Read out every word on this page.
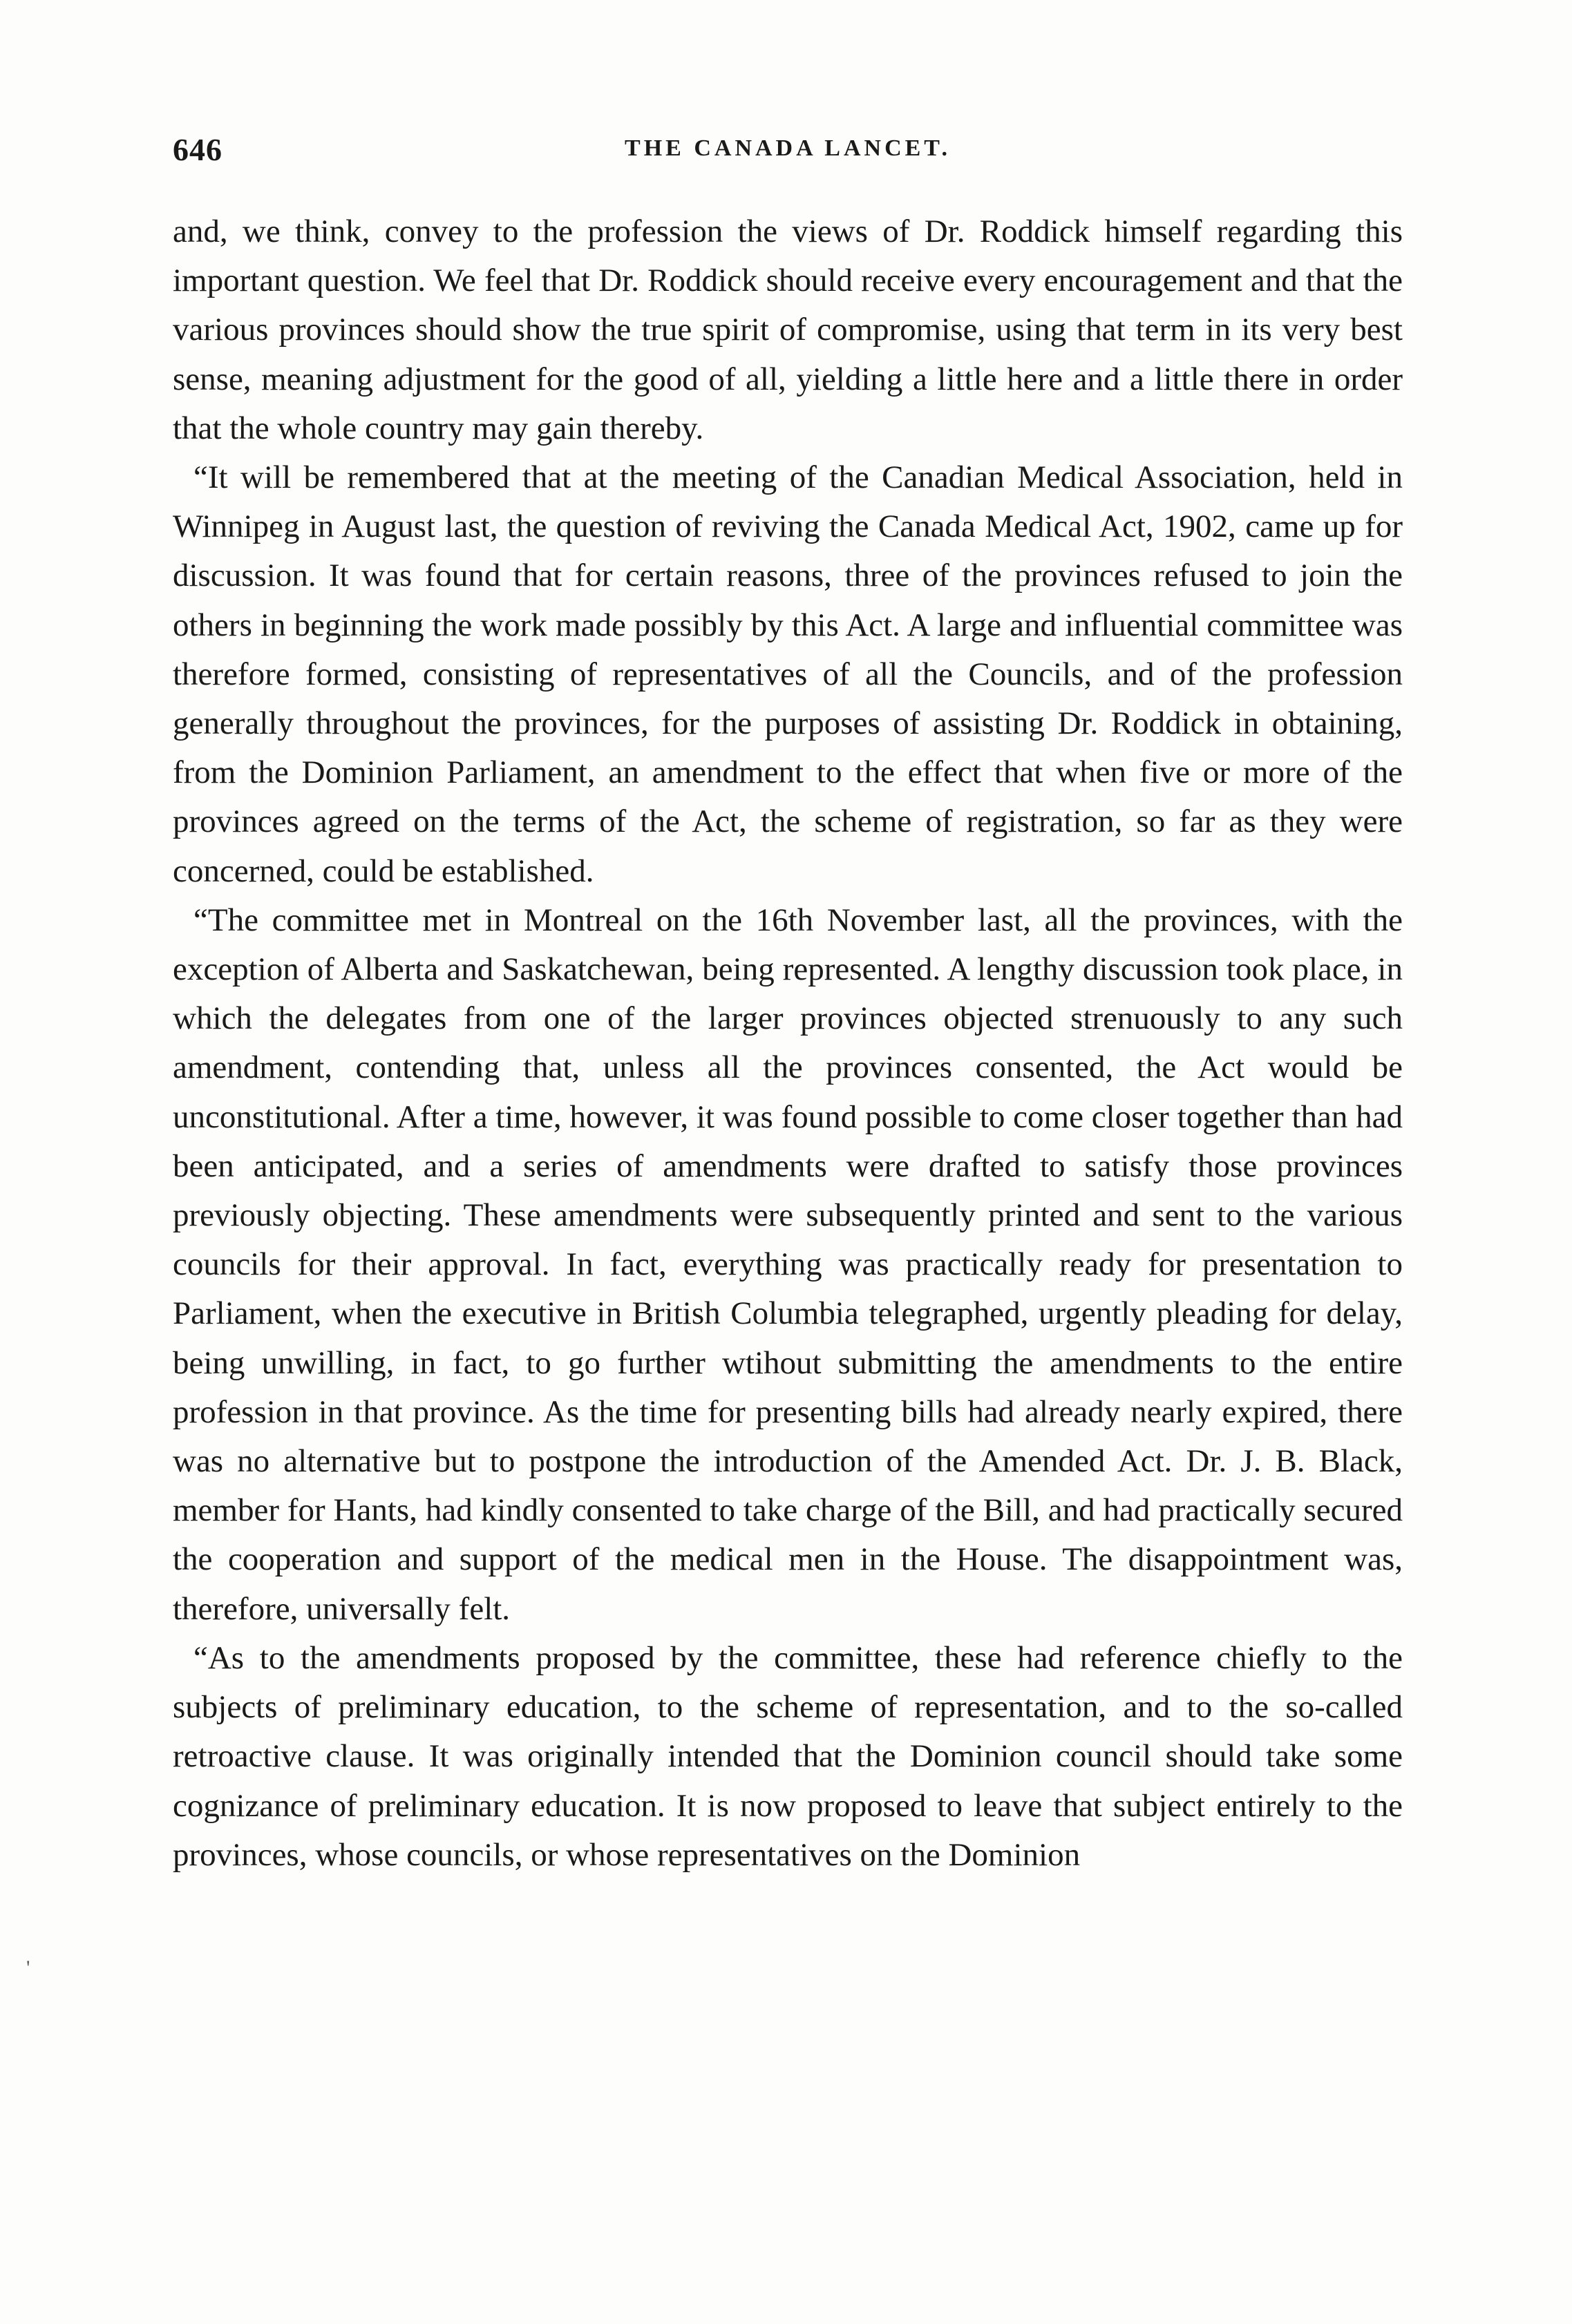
646	THE CANADA LANCET.

and, we think, convey to the profession the views of Dr. Roddick himself regarding this important question. We feel that Dr. Roddick should receive every encouragement and that the various provinces should show the true spirit of compromise, using that term in its very best sense, meaning adjustment for the good of all, yielding a little here and a little there in order that the whole country may gain thereby.

“It will be remembered that at the meeting of the Canadian Medical Association, held in Winnipeg in August last, the question of reviving the Canada Medical Act, 1902, came up for discussion. It was found that for certain reasons, three of the provinces refused to join the others in beginning the work made possibly by this Act. A large and influential committee was therefore formed, consisting of representatives of all the Councils, and of the profession generally throughout the provinces, for the purposes of assisting Dr. Roddick in obtaining, from the Dominion Parliament, an amendment to the effect that when five or more of the provinces agreed on the terms of the Act, the scheme of registration, so far as they were concerned, could be established.

“The committee met in Montreal on the 16th November last, all the provinces, with the exception of Alberta and Saskatchewan, being represented. A lengthy discussion took place, in which the delegates from one of the larger provinces objected strenuously to any such amendment, contending that, unless all the provinces consented, the Act would be unconstitutional. After a time, however, it was found possible to come closer together than had been anticipated, and a series of amendments were drafted to satisfy those provinces previously objecting. These amendments were subsequently printed and sent to the various councils for their approval. In fact, everything was practically ready for presentation to Parliament, when the executive in British Columbia telegraphed, urgently pleading for delay, being unwilling, in fact, to go further wtihout submitting the amendments to the entire profession in that province. As the time for presenting bills had already nearly expired, there was no alternative but to postpone the introduction of the Amended Act. Dr. J. B. Black, member for Hants, had kindly consented to take charge of the Bill, and had practically secured the cooperation and support of the medical men in the House. The disappointment was, therefore, universally felt.

“As to the amendments proposed by the committee, these had reference chiefly to the subjects of preliminary education, to the scheme of representation, and to the so-called retroactive clause. It was originally intended that the Dominion council should take some cognizance of preliminary education. It is now proposed to leave that subject entirely to the provinces, whose councils, or whose representatives on the Dominion

'
